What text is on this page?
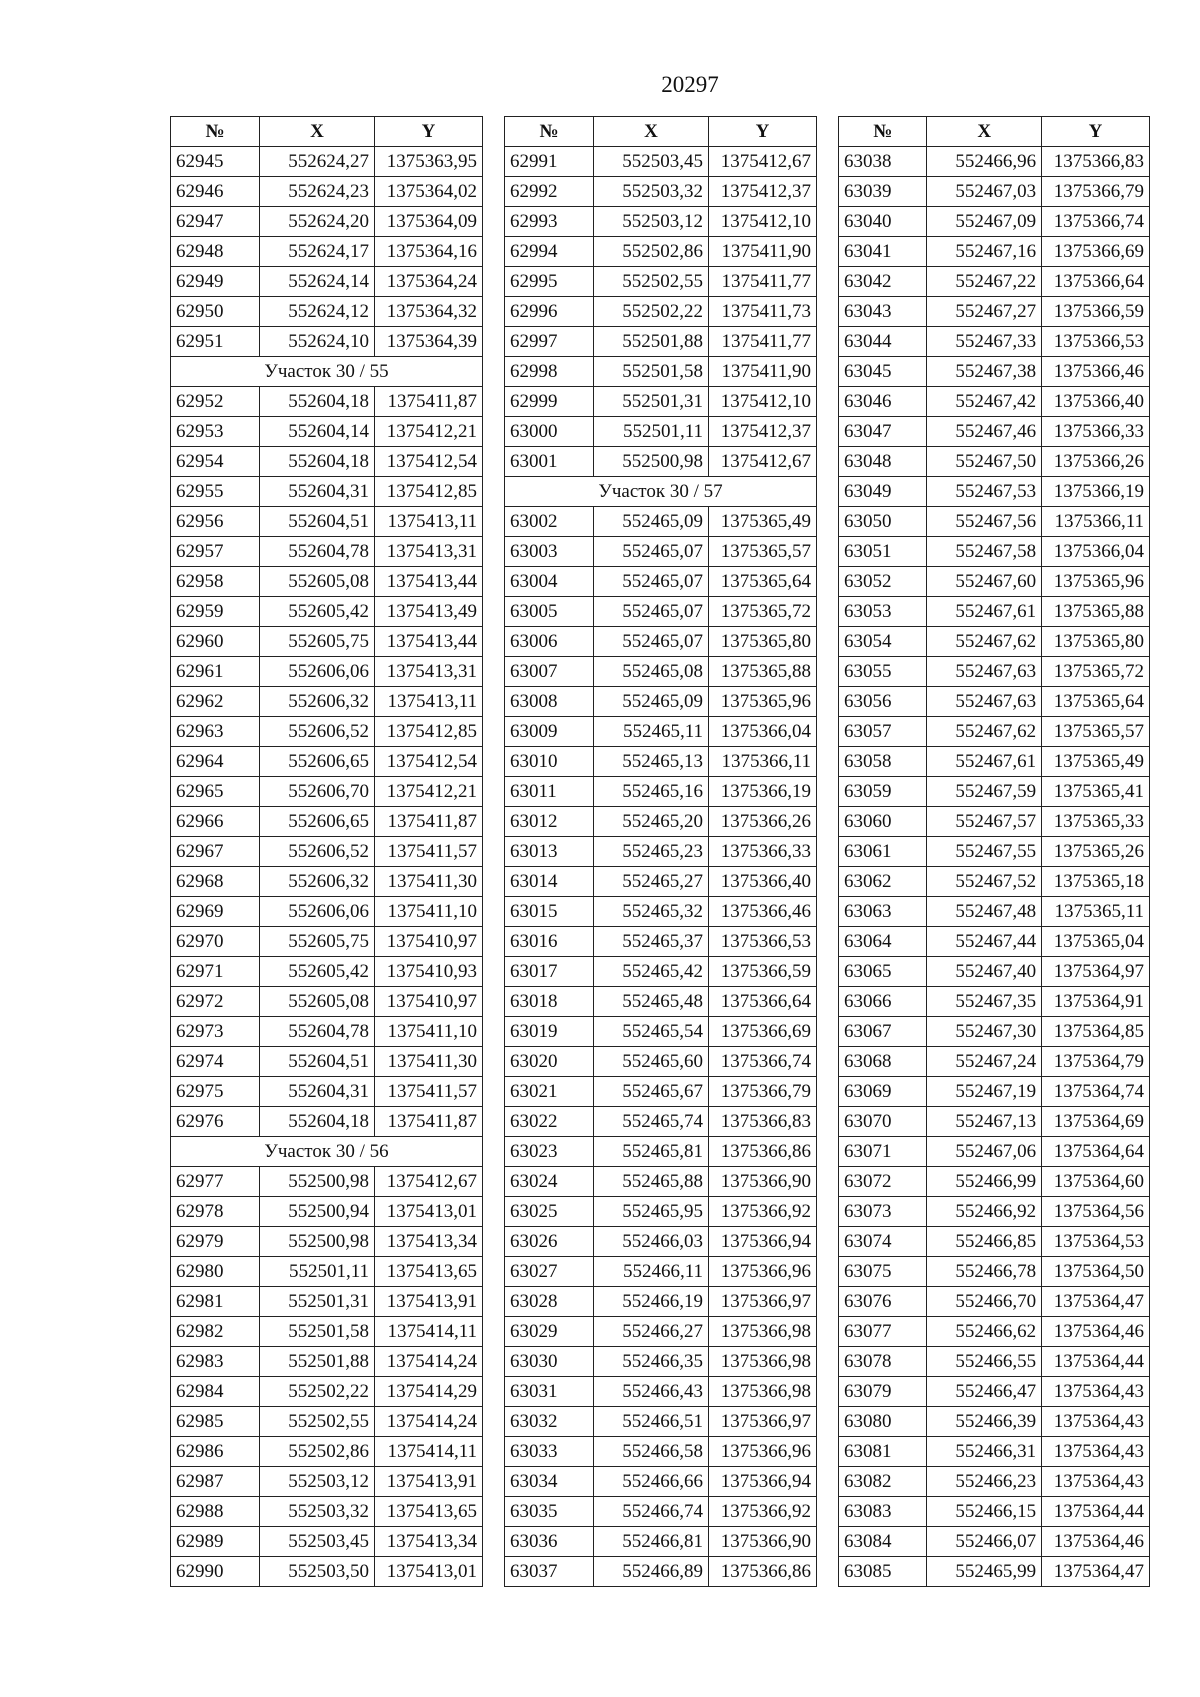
20297
№	X	Y
62945	552624,27	1375363,95
62946	552624,23	1375364,02
62947	552624,20	1375364,09
62948	552624,17	1375364,16
62949	552624,14	1375364,24
62950	552624,12	1375364,32
62951	552624,10	1375364,39
Участок 30 / 55		
62952	552604,18	1375411,87
62953	552604,14	1375412,21
62954	552604,18	1375412,54
62955	552604,31	1375412,85
62956	552604,51	1375413,11
62957	552604,78	1375413,31
62958	552605,08	1375413,44
62959	552605,42	1375413,49
62960	552605,75	1375413,44
62961	552606,06	1375413,31
62962	552606,32	1375413,11
62963	552606,52	1375412,85
62964	552606,65	1375412,54
62965	552606,70	1375412,21
62966	552606,65	1375411,87
62967	552606,52	1375411,57
62968	552606,32	1375411,30
62969	552606,06	1375411,10
62970	552605,75	1375410,97
62971	552605,42	1375410,93
62972	552605,08	1375410,97
62973	552604,78	1375411,10
62974	552604,51	1375411,30
62975	552604,31	1375411,57
62976	552604,18	1375411,87
Участок 30 / 56		
62977	552500,98	1375412,67
62978	552500,94	1375413,01
62979	552500,98	1375413,34
62980	552501,11	1375413,65
62981	552501,31	1375413,91
62982	552501,58	1375414,11
62983	552501,88	1375414,24
62984	552502,22	1375414,29
62985	552502,55	1375414,24
62986	552502,86	1375414,11
62987	552503,12	1375413,91
62988	552503,32	1375413,65
62989	552503,45	1375413,34
62990	552503,50	1375413,01
№	X	Y
62991	552503,45	1375412,67
62992	552503,32	1375412,37
62993	552503,12	1375412,10
62994	552502,86	1375411,90
62995	552502,55	1375411,77
62996	552502,22	1375411,73
62997	552501,88	1375411,77
62998	552501,58	1375411,90
62999	552501,31	1375412,10
63000	552501,11	1375412,37
63001	552500,98	1375412,67
Участок 30 / 57		
63002	552465,09	1375365,49
63003	552465,07	1375365,57
63004	552465,07	1375365,64
63005	552465,07	1375365,72
63006	552465,07	1375365,80
63007	552465,08	1375365,88
63008	552465,09	1375365,96
63009	552465,11	1375366,04
63010	552465,13	1375366,11
63011	552465,16	1375366,19
63012	552465,20	1375366,26
63013	552465,23	1375366,33
63014	552465,27	1375366,40
63015	552465,32	1375366,46
63016	552465,37	1375366,53
63017	552465,42	1375366,59
63018	552465,48	1375366,64
63019	552465,54	1375366,69
63020	552465,60	1375366,74
63021	552465,67	1375366,79
63022	552465,74	1375366,83
63023	552465,81	1375366,86
63024	552465,88	1375366,90
63025	552465,95	1375366,92
63026	552466,03	1375366,94
63027	552466,11	1375366,96
63028	552466,19	1375366,97
63029	552466,27	1375366,98
63030	552466,35	1375366,98
63031	552466,43	1375366,98
63032	552466,51	1375366,97
63033	552466,58	1375366,96
63034	552466,66	1375366,94
63035	552466,74	1375366,92
63036	552466,81	1375366,90
63037	552466,89	1375366,86
№	X	Y
63038	552466,96	1375366,83
63039	552467,03	1375366,79
63040	552467,09	1375366,74
63041	552467,16	1375366,69
63042	552467,22	1375366,64
63043	552467,27	1375366,59
63044	552467,33	1375366,53
63045	552467,38	1375366,46
63046	552467,42	1375366,40
63047	552467,46	1375366,33
63048	552467,50	1375366,26
63049	552467,53	1375366,19
63050	552467,56	1375366,11
63051	552467,58	1375366,04
63052	552467,60	1375365,96
63053	552467,61	1375365,88
63054	552467,62	1375365,80
63055	552467,63	1375365,72
63056	552467,63	1375365,64
63057	552467,62	1375365,57
63058	552467,61	1375365,49
63059	552467,59	1375365,41
63060	552467,57	1375365,33
63061	552467,55	1375365,26
63062	552467,52	1375365,18
63063	552467,48	1375365,11
63064	552467,44	1375365,04
63065	552467,40	1375364,97
63066	552467,35	1375364,91
63067	552467,30	1375364,85
63068	552467,24	1375364,79
63069	552467,19	1375364,74
63070	552467,13	1375364,69
63071	552467,06	1375364,64
63072	552466,99	1375364,60
63073	552466,92	1375364,56
63074	552466,85	1375364,53
63075	552466,78	1375364,50
63076	552466,70	1375364,47
63077	552466,62	1375364,46
63078	552466,55	1375364,44
63079	552466,47	1375364,43
63080	552466,39	1375364,43
63081	552466,31	1375364,43
63082	552466,23	1375364,43
63083	552466,15	1375364,44
63084	552466,07	1375364,46
63085	552465,99	1375364,47
